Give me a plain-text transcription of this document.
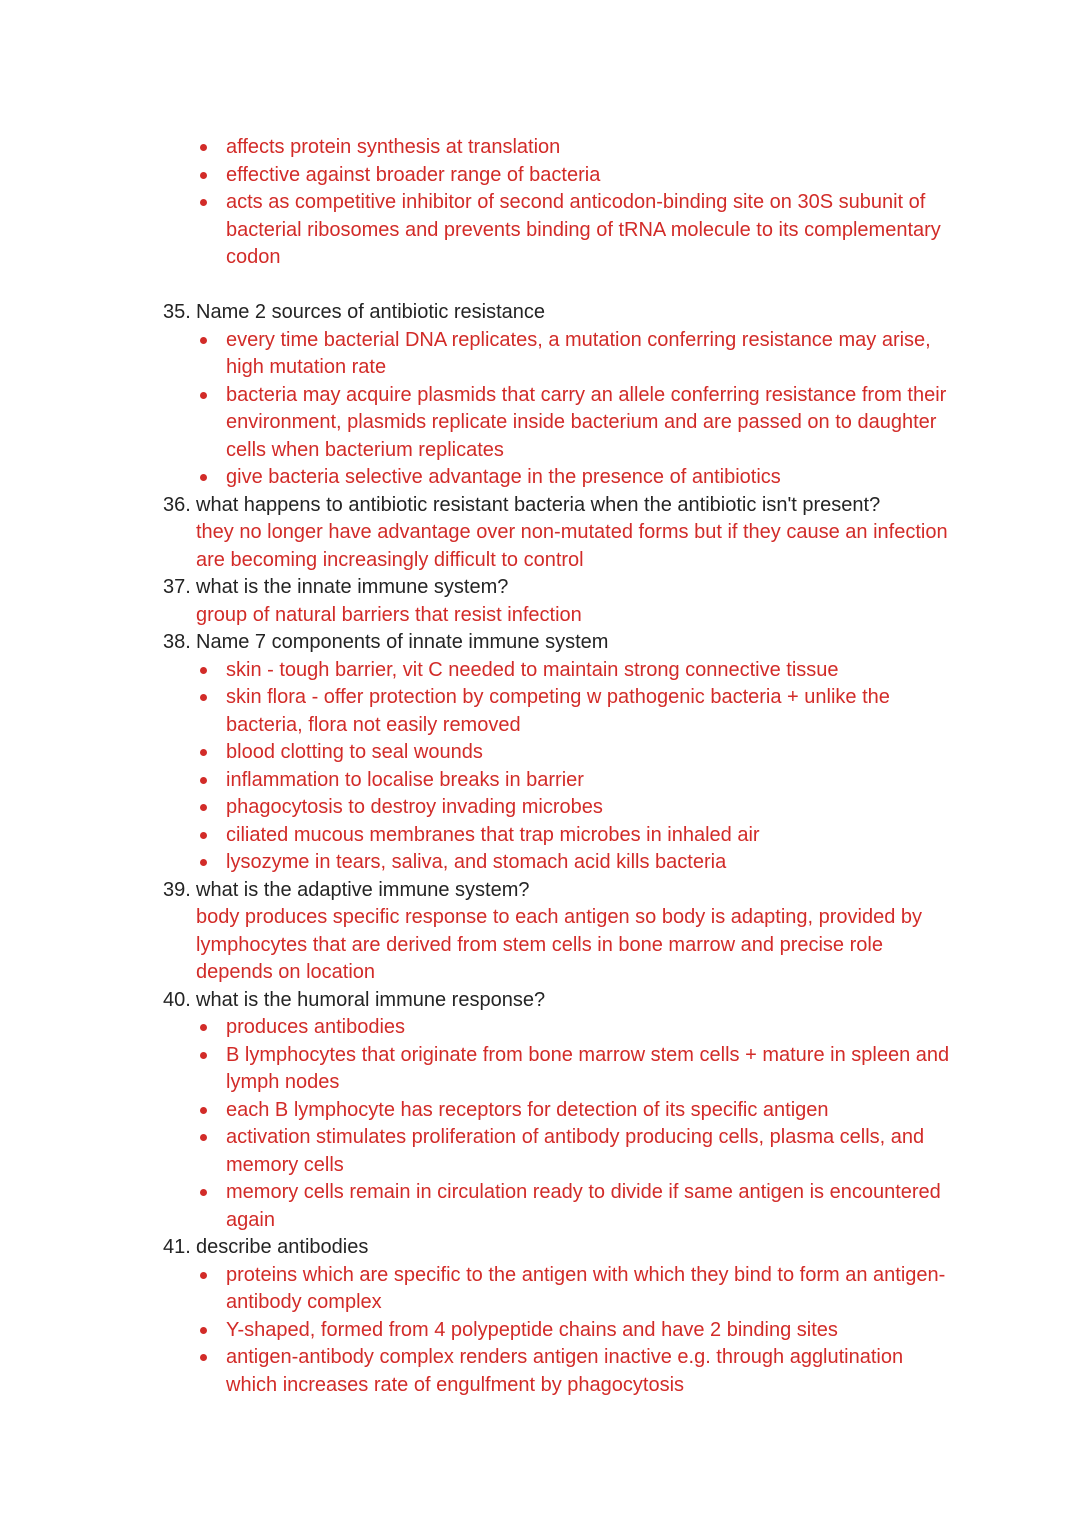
affects protein synthesis at translation
effective against broader range of bacteria
acts as competitive inhibitor of second anticodon-binding site on 30S subunit of bacterial ribosomes and prevents binding of tRNA molecule to its complementary codon
35. Name 2 sources of antibiotic resistance
every time bacterial DNA replicates, a mutation conferring resistance may arise, high mutation rate
bacteria may acquire plasmids that carry an allele conferring resistance from their environment, plasmids replicate inside bacterium and are passed on to daughter cells when bacterium replicates
give bacteria selective advantage in the presence of antibiotics
36. what happens to antibiotic resistant bacteria when the antibiotic isn't present?
they no longer have advantage over non-mutated forms but if they cause an infection are becoming increasingly difficult to control
37. what is the innate immune system?
group of natural barriers that resist infection
38. Name 7 components of innate immune system
skin - tough barrier, vit C needed to maintain strong connective tissue
skin flora - offer protection by competing w pathogenic bacteria + unlike the bacteria, flora not easily removed
blood clotting to seal wounds
inflammation to localise breaks in barrier
phagocytosis to destroy invading microbes
ciliated mucous membranes that trap microbes in inhaled air
lysozyme in tears, saliva, and stomach acid kills bacteria
39. what is the adaptive immune system?
body produces specific response to each antigen so body is adapting, provided by lymphocytes that are derived from stem cells in bone marrow and precise role depends on location
40. what is the humoral immune response?
produces antibodies
B lymphocytes that originate from bone marrow stem cells + mature in spleen and lymph nodes
each B lymphocyte has receptors for detection of its specific antigen
activation stimulates proliferation of antibody producing cells, plasma cells, and memory cells
memory cells remain in circulation ready to divide if same antigen is encountered again
41. describe antibodies
proteins which are specific to the antigen with which they bind to form an antigen-antibody complex
Y-shaped, formed from 4 polypeptide chains and have 2 binding sites
antigen-antibody complex renders antigen inactive e.g. through agglutination which increases rate of engulfment by phagocytosis
